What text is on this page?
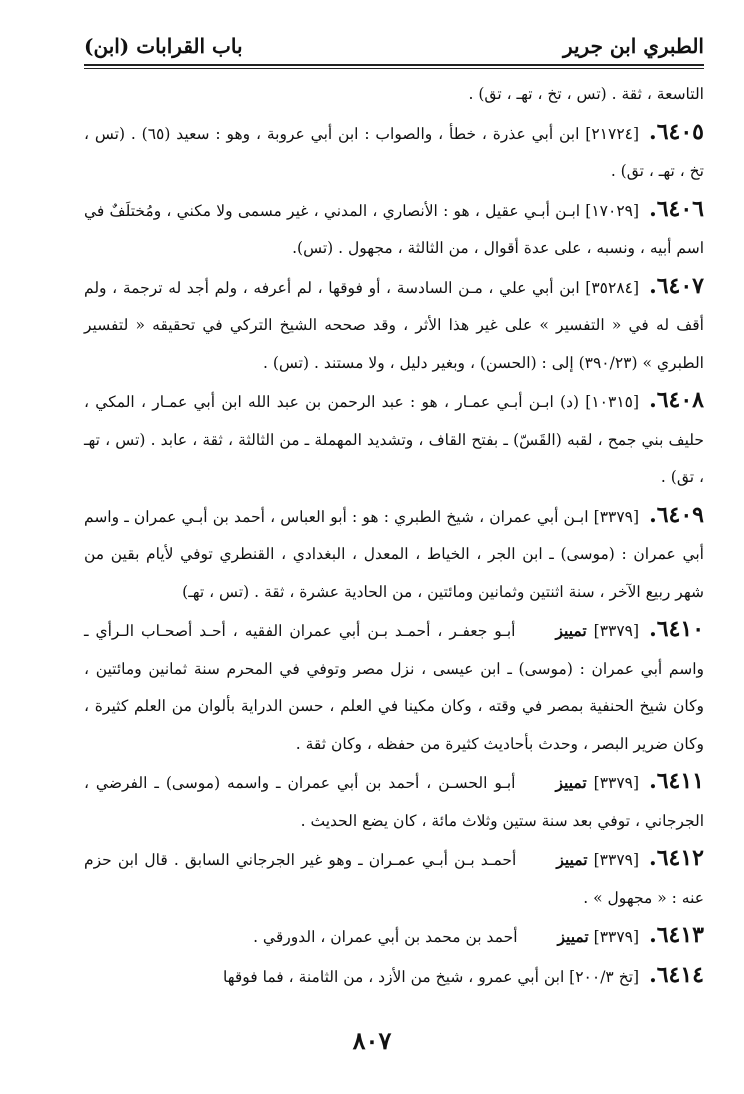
الطبري ابن جرير
باب القرابات (ابن)

التاسعة ، ثقة . (تس ، تخ ، تهـ ، تق) .

٦٤٠٥.[٢١٧٢٤] ابن أبي عذرة ، خطأ ، والصواب : ابن أبي عروبة ، وهو : سعيد (٦٥) . (تس ، تخ ، تهـ ، تق) .

٦٤٠٦.[١٧٠٢٩] ابـن أبـي عقيل ، هو : الأنصاري ، المدني ، غير مسمى ولا مكني ، ومُختلَفٌ في اسم أبيه ، ونسبه ، على عدة أقوال ، من الثالثة ، مجهول . (تس).

٦٤٠٧.[٣٥٢٨٤] ابن أبي علي ، مـن السادسة ، أو فوقها ، لم أعرفه ، ولم أجد له ترجمة ، ولم أقف له في « التفسير » على غير هذا الأثر ، وقد صححه الشيخ التركي في تحقيقه « لتفسير الطبري » (٣٩٠/٢٣) إلى : (الحسن) ، وبغير دليل ، ولا مستند . (تس) .

٦٤٠٨.[١٠٣١٥] (د) ابـن أبـي عمـار ، هو : عبد الرحمن بن عبد الله ابن أبي عمـار ، المكي ، حليف بني جمح ، لقبه (القَسّ) ـ بفتح القاف ، وتشديد المهملة ـ من الثالثة ، ثقة ، عابد . (تس ، تهـ ، تق) .

٦٤٠٩.[٣٣٧٩] ابـن أبي عمران ، شيخ الطبري : هو : أبو العباس ، أحمد بن أبـي عمران ـ واسم أبي عمران : (موسى) ـ ابن الجر ، الخياط ، المعدل ، البغدادي ، القنطري توفي لأيام بقين من شهر ربيع الآخر ، سنة اثنتين وثمانين ومائتين ، من الحادية عشرة ، ثقة . (تس ، تهـ)

٦٤١٠.[٣٣٧٩] تمييزأبـو جعفـر ، أحمـد بـن أبي عمران الفقيه ، أحـد أصحـاب الـرأي ـ واسم أبي عمران : (موسى) ـ ابن عيسى ، نزل مصر وتوفي في المحرم سنة ثمانين ومائتين ، وكان شيخ الحنفية بمصر في وقته ، وكان مكينا في العلم ، حسن الدراية بألوان من العلم كثيرة ، وكان ضرير البصر ، وحدث بأحاديث كثيرة من حفظه ، وكان ثقة .

٦٤١١.[٣٣٧٩] تمييزأبـو الحسـن ، أحمد بن أبي عمران ـ واسمه (موسى) ـ الفرضي ، الجرجاني ، توفي بعد سنة ستين وثلاث مائة ، كان يضع الحديث .

٦٤١٢.[٣٣٧٩] تمييزأحمـد بـن أبـي عمـران ـ وهو غير الجرجاني السابق . قال ابن حزم عنه : « مجهول » .

٦٤١٣.[٣٣٧٩] تمييزأحمد بن محمد بن أبي عمران ، الدورقي .

٦٤١٤.[تخ ٢٠٠/٣] ابن أبي عمرو ، شيخ من الأزد ، من الثامنة ، فما فوقها

٨٠٧
